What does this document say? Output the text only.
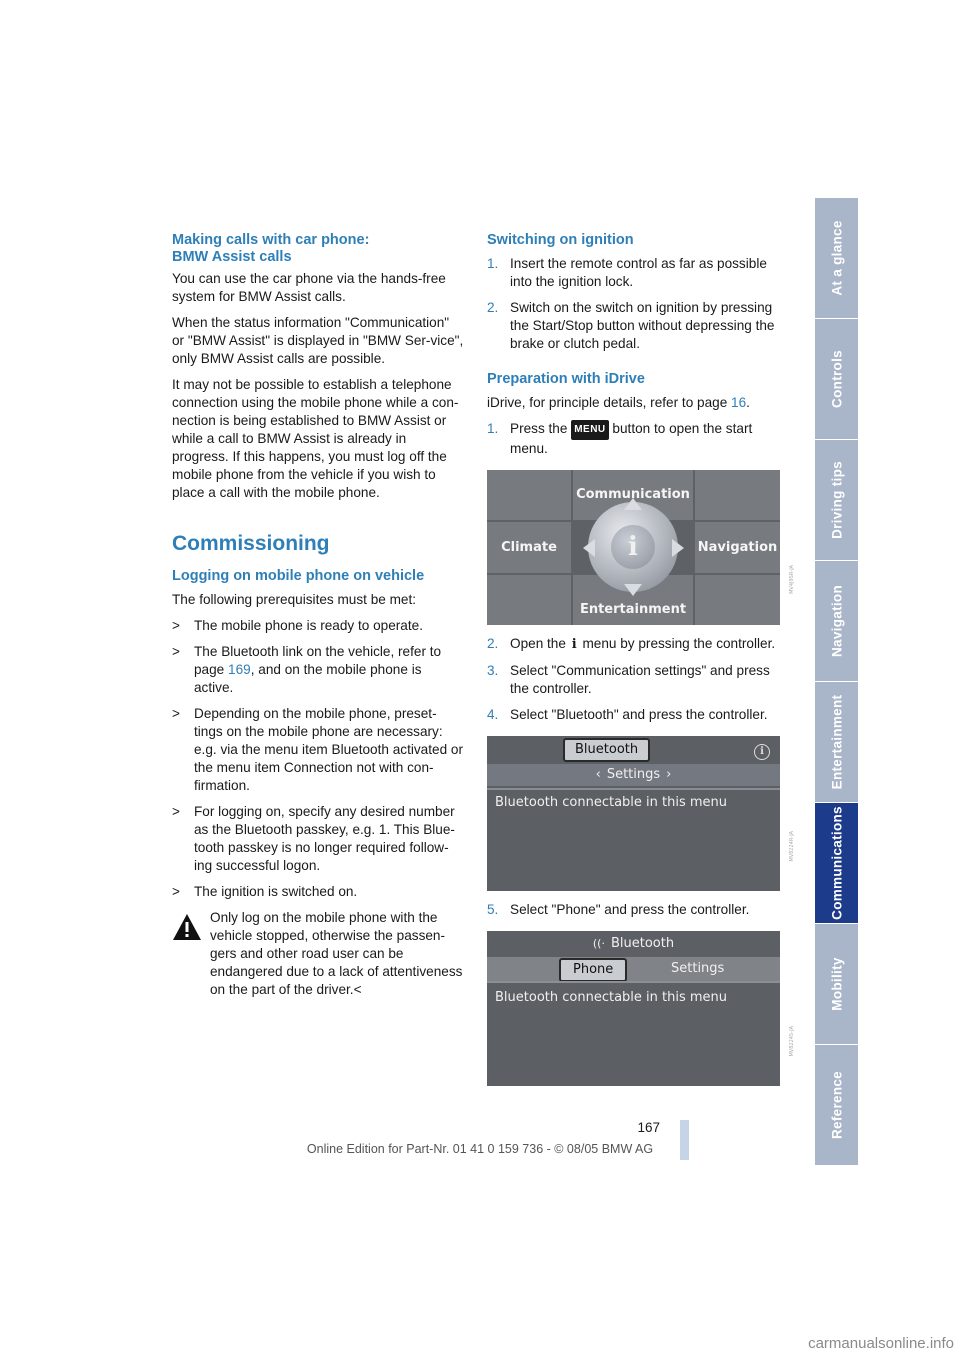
Making calls with car phone:
BMW Assist calls

You can use the car phone via the hands-free system for BMW Assist calls.

When the status information "Communication" or "BMW Assist" is displayed in "BMW Ser-vice", only BMW Assist calls are possible.

It may not be possible to establish a telephone connection using the mobile phone while a con-nection is being established to BMW Assist or while a call to BMW Assist is already in progress. If this happens, you must log off the mobile phone from the vehicle if you wish to place a call with the mobile phone.

Commissioning
Logging on mobile phone on vehicle

The following prerequisites must be met:

>	The mobile phone is ready to operate.
>	The Bluetooth link on the vehicle, refer to page 169, and on the mobile phone is active.
>	Depending on the mobile phone, preset-tings on the mobile phone are necessary: e.g. via the menu item Bluetooth activated or the menu item Connection not with con-firmation.
>	For logging on, specify any desired number as the Bluetooth passkey, e.g. 1. This Blue-tooth passkey is no longer required follow-ing successful logon.
>	The ignition is switched on.
Only log on the mobile phone with the vehicle stopped, otherwise the passen-gers and other road user can be endangered due to a lack of attentiveness on the part of the driver.<
Switching on ignition
1. Insert the remote control as far as possible into the ignition lock.
2. Switch on the switch on ignition by pressing the Start/Stop button without depressing the brake or clutch pedal.
Preparation with iDrive

iDrive, for principle details, refer to page 16.

1. Press the MENU button to open the start menu.
Communication
Climate	Navigation
Entertainment
i
MV4J9SR-JA
2. Open the i menu by pressing the controller.
3. Select "Communication settings" and press the controller.
4. Select "Bluetooth" and press the controller.
Bluetooth	i
‹ Settings ›
Bluetooth connectable in this menu
MV8224R-JA
5. Select "Phone" and press the controller.
((· Bluetooth
Phone	Settings
Bluetooth connectable in this menu
MV8224S-JA
At a glance
Controls
Driving tips
Navigation
Entertainment
Communications
Mobility
Reference
167
Online Edition for Part-Nr. 01 41 0 159 736 - © 08/05 BMW AG
carmanualsonline.info
